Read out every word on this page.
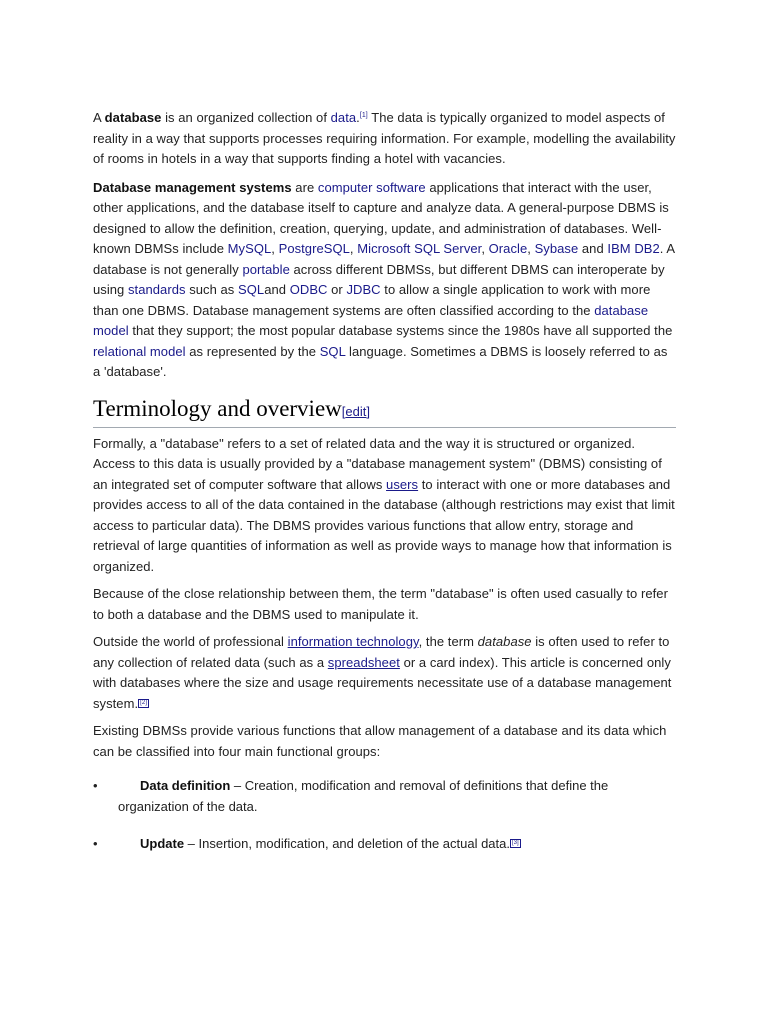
A database is an organized collection of data.[1] The data is typically organized to model aspects of reality in a way that supports processes requiring information. For example, modelling the availability of rooms in hotels in a way that supports finding a hotel with vacancies.

Database management systems are computer software applications that interact with the user, other applications, and the database itself to capture and analyze data. A general-purpose DBMS is designed to allow the definition, creation, querying, update, and administration of databases. Well-known DBMSs include MySQL, PostgreSQL, Microsoft SQL Server, Oracle, Sybase and IBM DB2. A database is not generally portable across different DBMSs, but different DBMS can interoperate by using standards such as SQLand ODBC or JDBC to allow a single application to work with more than one DBMS. Database management systems are often classified according to the database model that they support; the most popular database systems since the 1980s have all supported the relational model as represented by the SQL language. Sometimes a DBMS is loosely referred to as a 'database'.

Terminology and overview[edit]

Formally, a "database" refers to a set of related data and the way it is structured or organized. Access to this data is usually provided by a "database management system" (DBMS) consisting of an integrated set of computer software that allows users to interact with one or more databases and provides access to all of the data contained in the database (although restrictions may exist that limit access to particular data). The DBMS provides various functions that allow entry, storage and retrieval of large quantities of information as well as provide ways to manage how that information is organized.

Because of the close relationship between them, the term "database" is often used casually to refer to both a database and the DBMS used to manipulate it.

Outside the world of professional information technology, the term database is often used to refer to any collection of related data (such as a spreadsheet or a card index). This article is concerned only with databases where the size and usage requirements necessitate use of a database management system. [2]

Existing DBMSs provide various functions that allow management of a database and its data which can be classified into four main functional groups:

•	Data definition – Creation, modification and removal of definitions that define the organization of the data.
•	Update – Insertion, modification, and deletion of the actual data. [3]
